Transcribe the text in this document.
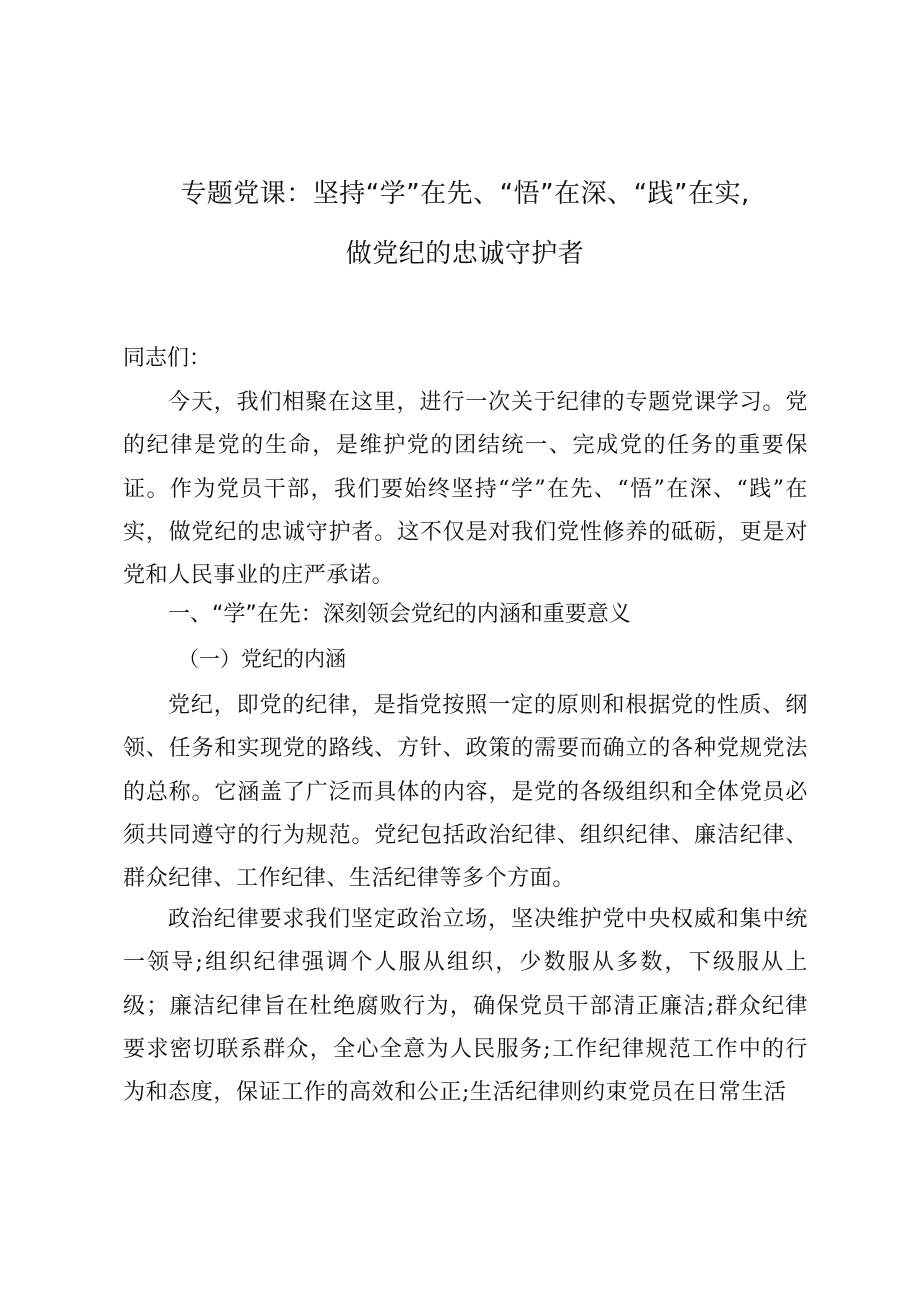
专题党课：坚持“学”在先、“悟”在深、“践”在实,
做党纪的忠诚守护者
同志们：
今天，我们相聚在这里，进行一次关于纪律的专题党课学习。党的纪律是党的生命，是维护党的团结统一、完成党的任务的重要保证。作为党员干部，我们要始终坚持“学”在先、“悟”在深、“践”在实，做党纪的忠诚守护者。这不仅是对我们党性修养的砥砺，更是对党和人民事业的庄严承诺。
一、“学”在先：深刻领会党纪的内涵和重要意义
（一）党纪的内涵
党纪，即党的纪律，是指党按照一定的原则和根据党的性质、纲领、任务和实现党的路线、方针、政策的需要而确立的各种党规党法的总称。它涵盖了广泛而具体的内容，是党的各级组织和全体党员必须共同遵守的行为规范。党纪包括政治纪律、组织纪律、廉洁纪律、群众纪律、工作纪律、生活纪律等多个方面。
政治纪律要求我们坚定政治立场，坚决维护党中央权威和集中统一领导;组织纪律强调个人服从组织，少数服从多数，下级服从上级；廉洁纪律旨在杜绝腐败行为，确保党员干部清正廉洁;群众纪律要求密切联系群众，全心全意为人民服务;工作纪律规范工作中的行为和态度，保证工作的高效和公正;生活纪律则约束党员在日常生活
